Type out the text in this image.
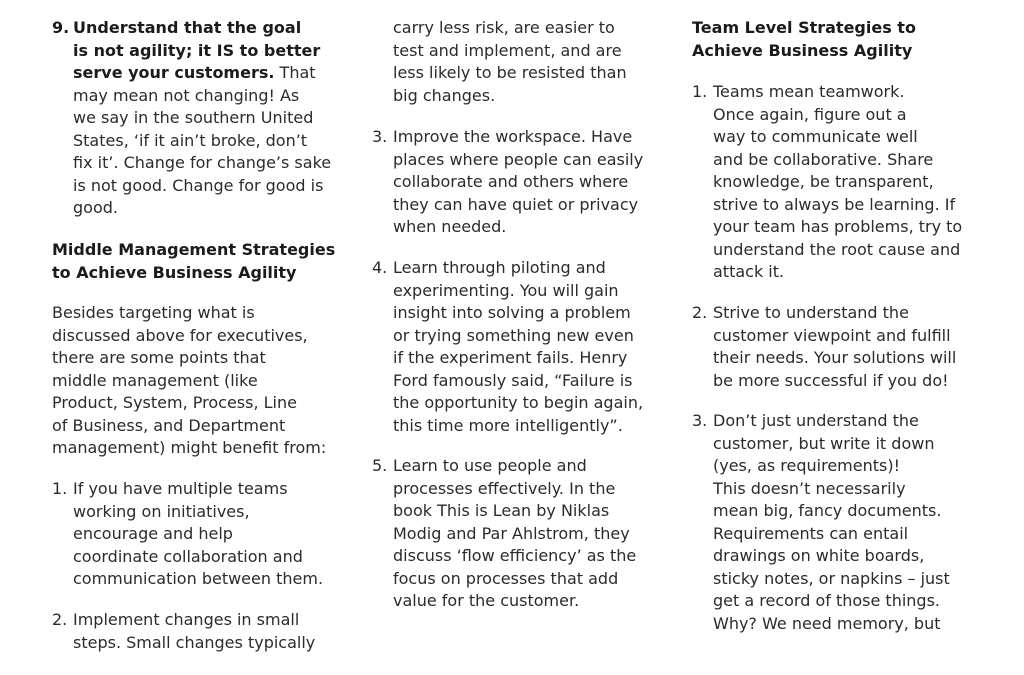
9. Understand that the goal

is not agility; it IS to better

serve your customers. That

may mean not changing! As

we say in the southern United

States, ‘if it ain’t broke, don’t

fix it’. Change for change’s sake

is not good. Change for good is

good.

Middle Management Strategies

to Achieve Business Agility

Besides targeting what is

discussed above for executives,

there are some points that

middle management (like

Product, System, Process, Line

of Business, and Department

management) might benefit from:

1. If you have multiple teams

working on initiatives,

encourage and help

coordinate collaboration and

communication between them.

2. Implement changes in small

steps. Small changes typically

carry less risk, are easier to

test and implement, and are

less likely to be resisted than

big changes.

3. Improve the workspace. Have

places where people can easily

collaborate and others where

they can have quiet or privacy

when needed.

4. Learn through piloting and

experimenting. You will gain

insight into solving a problem

or trying something new even

if the experiment fails. Henry

Ford famously said, “Failure is

the opportunity to begin again,

this time more intelligently”.

5. Learn to use people and

processes effectively. In the

book This is Lean by Niklas

Modig and Par Ahlstrom, they

discuss ‘flow efficiency’ as the

focus on processes that add

value for the customer.

Team Level Strategies to

Achieve Business Agility

1. Teams mean teamwork.

Once again, figure out a

way to communicate well

and be collaborative. Share

knowledge, be transparent,

strive to always be learning. If

your team has problems, try to

understand the root cause and

attack it.

2. Strive to understand the

customer viewpoint and fulfill

their needs. Your solutions will

be more successful if you do!

3. Don’t just understand the

customer, but write it down

(yes, as requirements)!

This doesn’t necessarily

mean big, fancy documents.

Requirements can entail

drawings on white boards,

sticky notes, or napkins – just

get a record of those things.

Why? We need memory, but
